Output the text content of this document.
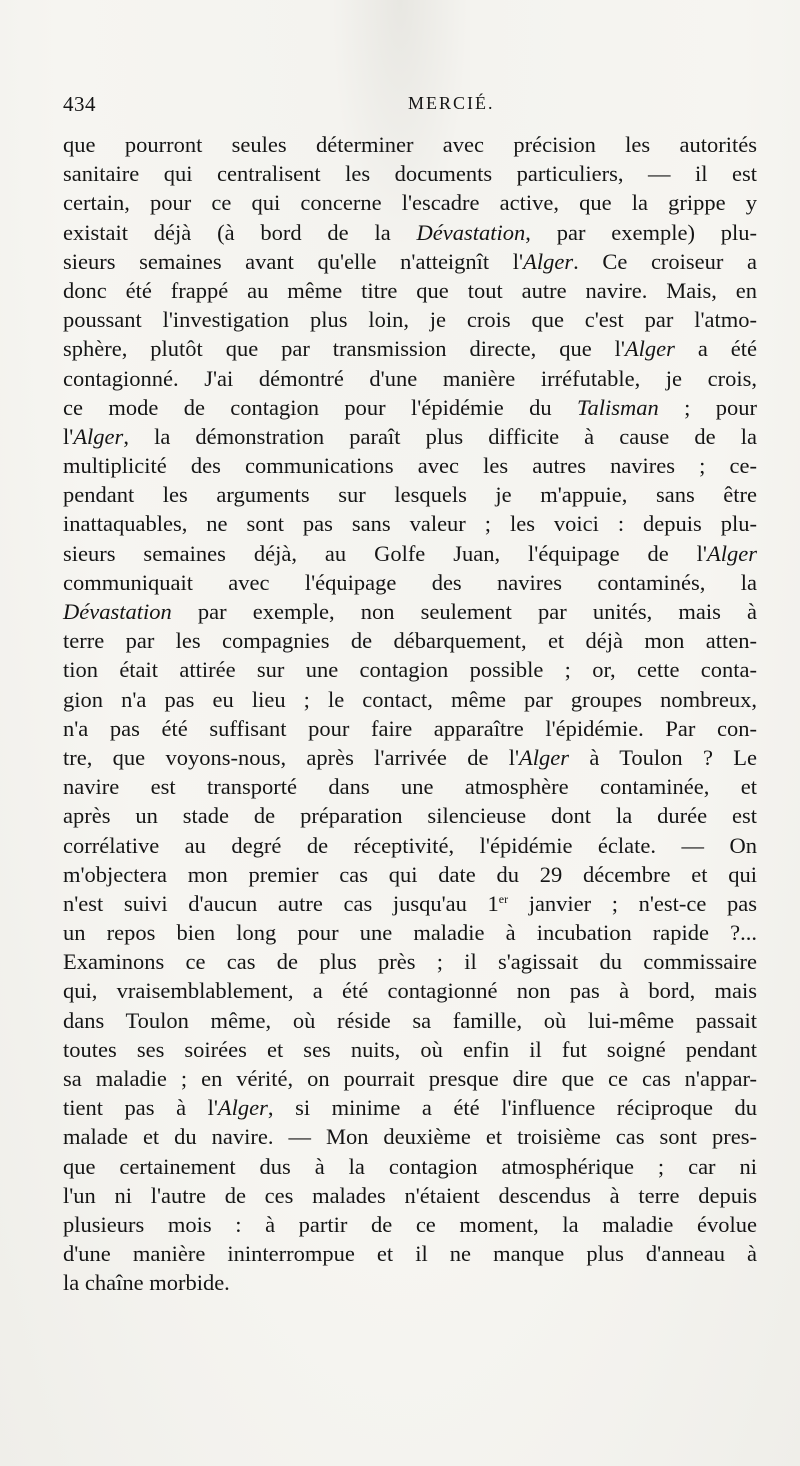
434	MERCIÉ.
que pourront seules déterminer avec précision les autorités
sanitaire qui centralisent les documents particuliers, — il est
certain, pour ce qui concerne l'escadre active, que la grippe y
existait déjà (à bord de la Dévastation, par exemple) plu-
sieurs semaines avant qu'elle n'atteignît l'Alger. Ce croiseur a
donc été frappé au même titre que tout autre navire. Mais, en
poussant l'investigation plus loin, je crois que c'est par l'atmo-
sphère, plutôt que par transmission directe, que l'Alger a été
contagionné. J'ai démontré d'une manière irréfutable, je crois,
ce mode de contagion pour l'épidémie du Talisman ; pour
l'Alger, la démonstration paraît plus difficite à cause de la
multiplicité des communications avec les autres navires ; ce-
pendant les arguments sur lesquels je m'appuie, sans être
inattaquables, ne sont pas sans valeur ; les voici : depuis plu-
sieurs semaines déjà, au Golfe Juan, l'équipage de l'Alger
communiquait avec l'équipage des navires contaminés, la
Dévastation par exemple, non seulement par unités, mais à
terre par les compagnies de débarquement, et déjà mon atten-
tion était attirée sur une contagion possible ; or, cette conta-
gion n'a pas eu lieu ; le contact, même par groupes nombreux,
n'a pas été suffisant pour faire apparaître l'épidémie. Par con-
tre, que voyons-nous, après l'arrivée de l'Alger à Toulon ? Le
navire est transporté dans une atmosphère contaminée, et
après un stade de préparation silencieuse dont la durée est
corrélative au degré de réceptivité, l'épidémie éclate. — On
m'objectera mon premier cas qui date du 29 décembre et qui
n'est suivi d'aucun autre cas jusqu'au 1er janvier ; n'est-ce pas
un repos bien long pour une maladie à incubation rapide ?...
Examinons ce cas de plus près ; il s'agissait du commissaire
qui, vraisemblablement, a été contagionné non pas à bord, mais
dans Toulon même, où réside sa famille, où lui-même passait
toutes ses soirées et ses nuits, où enfin il fut soigné pendant
sa maladie ; en vérité, on pourrait presque dire que ce cas n'appar-
tient pas à l'Alger, si minime a été l'influence réciproque du
malade et du navire. — Mon deuxième et troisième cas sont pres-
que certainement dus à la contagion atmosphérique ; car ni
l'un ni l'autre de ces malades n'étaient descendus à terre depuis
plusieurs mois : à partir de ce moment, la maladie évolue
d'une manière ininterrompue et il ne manque plus d'anneau à
la chaîne morbide.
